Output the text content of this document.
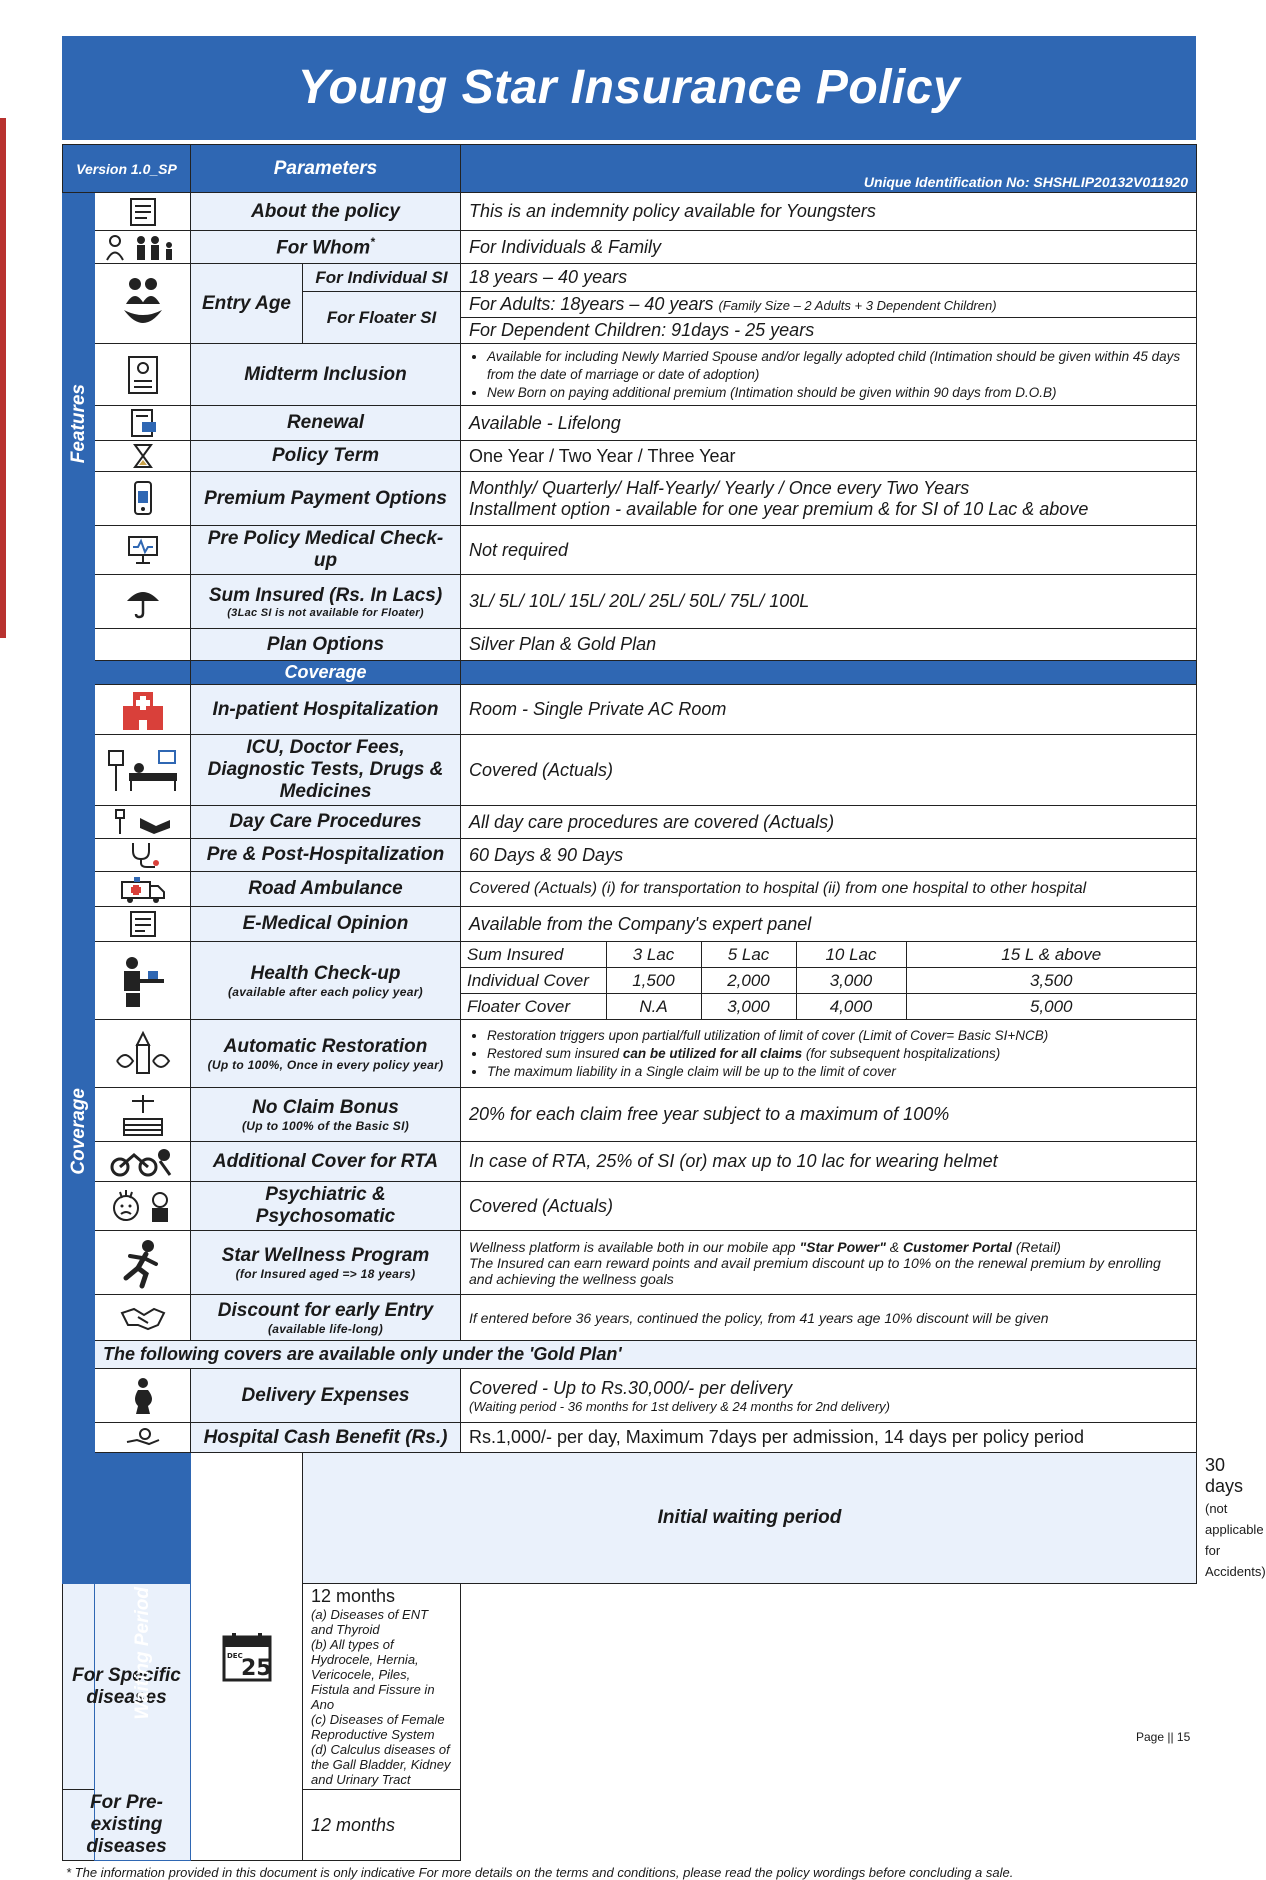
Young Star Insurance Policy
Version 1.0_SP	Parameters	Unique Identification No: SHSHLIP20132V011920
Features	
	About the policy	This is an indemnity policy available for Youngsters

	For Whom*	For Individuals & Family

	Entry Age	For Individual SI	18 years – 40 years
For Floater SI	For Adults: 18years – 40 years (Family Size – 2 Adults + 3 Dependent Children)
For Dependent Children: 91days - 25 years

	Midterm Inclusion	
• Available for including Newly Married Spouse and/or legally adopted child (Intimation should be given within 45 days from the date of marriage or date of adoption)
• New Born on paying additional premium (Intimation should be given within 90 days from D.O.B)

	Renewal	Available - Lifelong

	Policy Term	One Year / Two Year / Three Year

	Premium Payment Options	Monthly/ Quarterly/ Half-Yearly/ Yearly / Once every Two Years
Installment option - available for one year premium & for SI of 10 Lac & above

	Pre Policy Medical Check-up	Not required

	Sum Insured (Rs. In Lacs)
(3Lac SI is not available for Floater)
	3L/ 5L/ 10L/ 15L/ 20L/ 25L/ 50L/ 75L/ 100L
	Plan Options	Silver Plan & Gold Plan
		Coverage	
Coverage	
	In-patient Hospitalization	Room - Single Private AC Room

	ICU, Doctor Fees, Diagnostic Tests, Drugs & Medicines	Covered (Actuals)

	Day Care Procedures	All day care procedures are covered (Actuals)

	Pre & Post-Hospitalization	60 Days & 90 Days

	Road Ambulance	Covered (Actuals) (i) for transportation to hospital (ii) from one hospital to other hospital

	E-Medical Opinion	Available from the Company's expert panel

	Health Check-up
(available after each policy year)

Sum Insured	3 Lac	5 Lac	10 Lac	15 L & above
Individual Cover	1,500	2,000	3,000	3,500
Floater Cover	N.A	3,000	4,000	5,000

	Automatic Restoration
(Up to 100%, Once in every policy year)

• Restoration triggers upon partial/full utilization of limit of cover (Limit of Cover= Basic SI+NCB)
• Restored sum insured can be utilized for all claims (for subsequent hospitalizations)
• The maximum liability in a Single claim will be up to the limit of cover

	No Claim Bonus
(Up to 100% of the Basic SI)
	20% for each claim free year subject to a maximum of 100%

	Additional Cover for RTA	In case of RTA, 25% of SI (or) max up to 10 lac for wearing helmet

	Psychiatric & Psychosomatic	Covered (Actuals)

	Star Wellness Program
(for Insured aged => 18 years)

Wellness platform is available both in our mobile app "Star Power" & Customer Portal (Retail)
The Insured can earn reward points and avail premium discount up to 10% on the renewal premium by enrolling and achieving the wellness goals

	Discount for early Entry
(available life-long)
	If entered before 36 years, continued the policy, from 41 years age 10% discount will be given
The following covers are available only under the 'Gold Plan'

	Delivery Expenses	Covered - Up to Rs.30,000/- per delivery
(Waiting period - 36 months for 1st delivery & 24 months for 2nd delivery)

	Hospital Cash Benefit (Rs.)	Rs.1,000/- per day, Maximum 7days per admission, 14 days per policy period
Waiting Period	DEC
25
	Initial waiting period	30 days (not applicable for Accidents)
For Specific diseases	
12 months
(a) Diseases of ENT and Thyroid
(b) All types of Hydrocele, Hernia, Vericocele, Piles, Fistula and Fissure in Ano
(c) Diseases of Female Reproductive System
(d) Calculus diseases of the Gall Bladder, Kidney and Urinary Tract

For Pre-existing diseases	12 months
* The information provided in this document is only indicative For more details on the terms and conditions, please read the policy wordings before concluding a sale.
Page || 15
